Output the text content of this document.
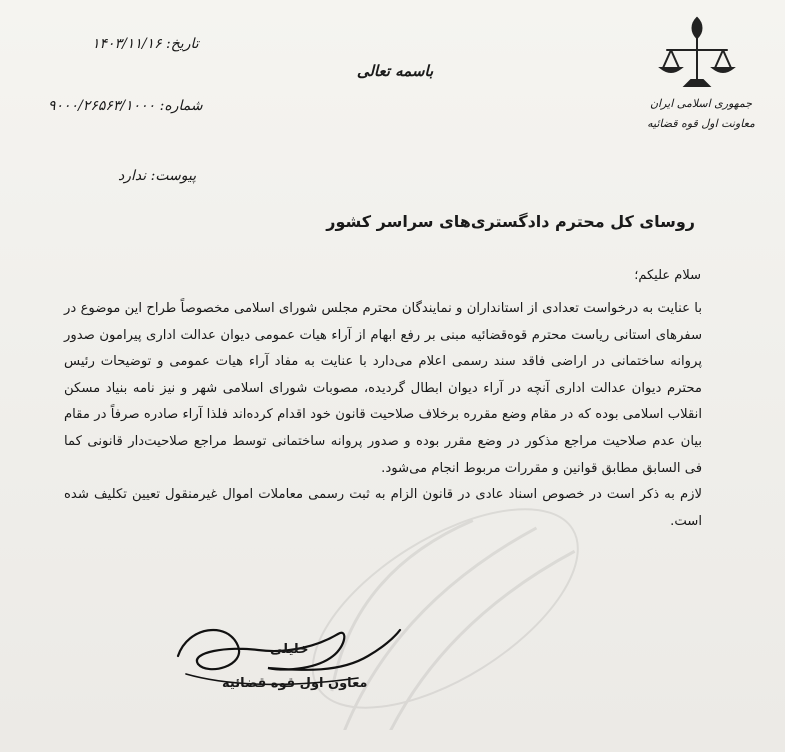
جمهوری اسلامی ایران
معاونت اول قوه قضائیه
باسمه تعالی
تاریخ: ۱۴۰۳/۱۱/۱۶
شماره: ۹۰۰۰/۲۶۵۶۳/۱۰۰۰
پیوست: ندارد
روسای کل محترم دادگستری‌های سراسر کشور
سلام علیکم؛

با عنایت به درخواست تعدادی از استانداران و نمایندگان محترم مجلس شورای اسلامی مخصوصاً طراح این موضوع در سفرهای استانی ریاست محترم قوه‌قضائیه مبنی بر رفع ابهام از آراء هیات عمومی دیوان عدالت اداری پیرامون صدور پروانه ساختمانی در اراضی فاقد سند رسمی اعلام می‌دارد با عنایت به مفاد آراء هیات عمومی و توضیحات رئیس محترم دیوان عدالت اداری آنچه در آراء دیوان ابطال گردیده، مصوبات شورای اسلامی شهر و نیز نامه بنیاد مسکن انقلاب اسلامی بوده که در مقام وضع مقرره برخلاف صلاحیت قانون خود اقدام کرده‌اند فلذا آراء صادره صرفاً در مقام بیان عدم صلاحیت مراجع مذکور در وضع مقرر بوده و صدور پروانه ساختمانی توسط مراجع صلاحیت‌دار قانونی کما فی السابق مطابق قوانین و مقررات مربوط انجام می‌شود.

لازم به ذکر است در خصوص اسناد عادی در قانون الزام به ثبت رسمی معاملات اموال غیرمنقول تعیین تکلیف شده است.

خلیلی
معاون اول قوه قضائیه
